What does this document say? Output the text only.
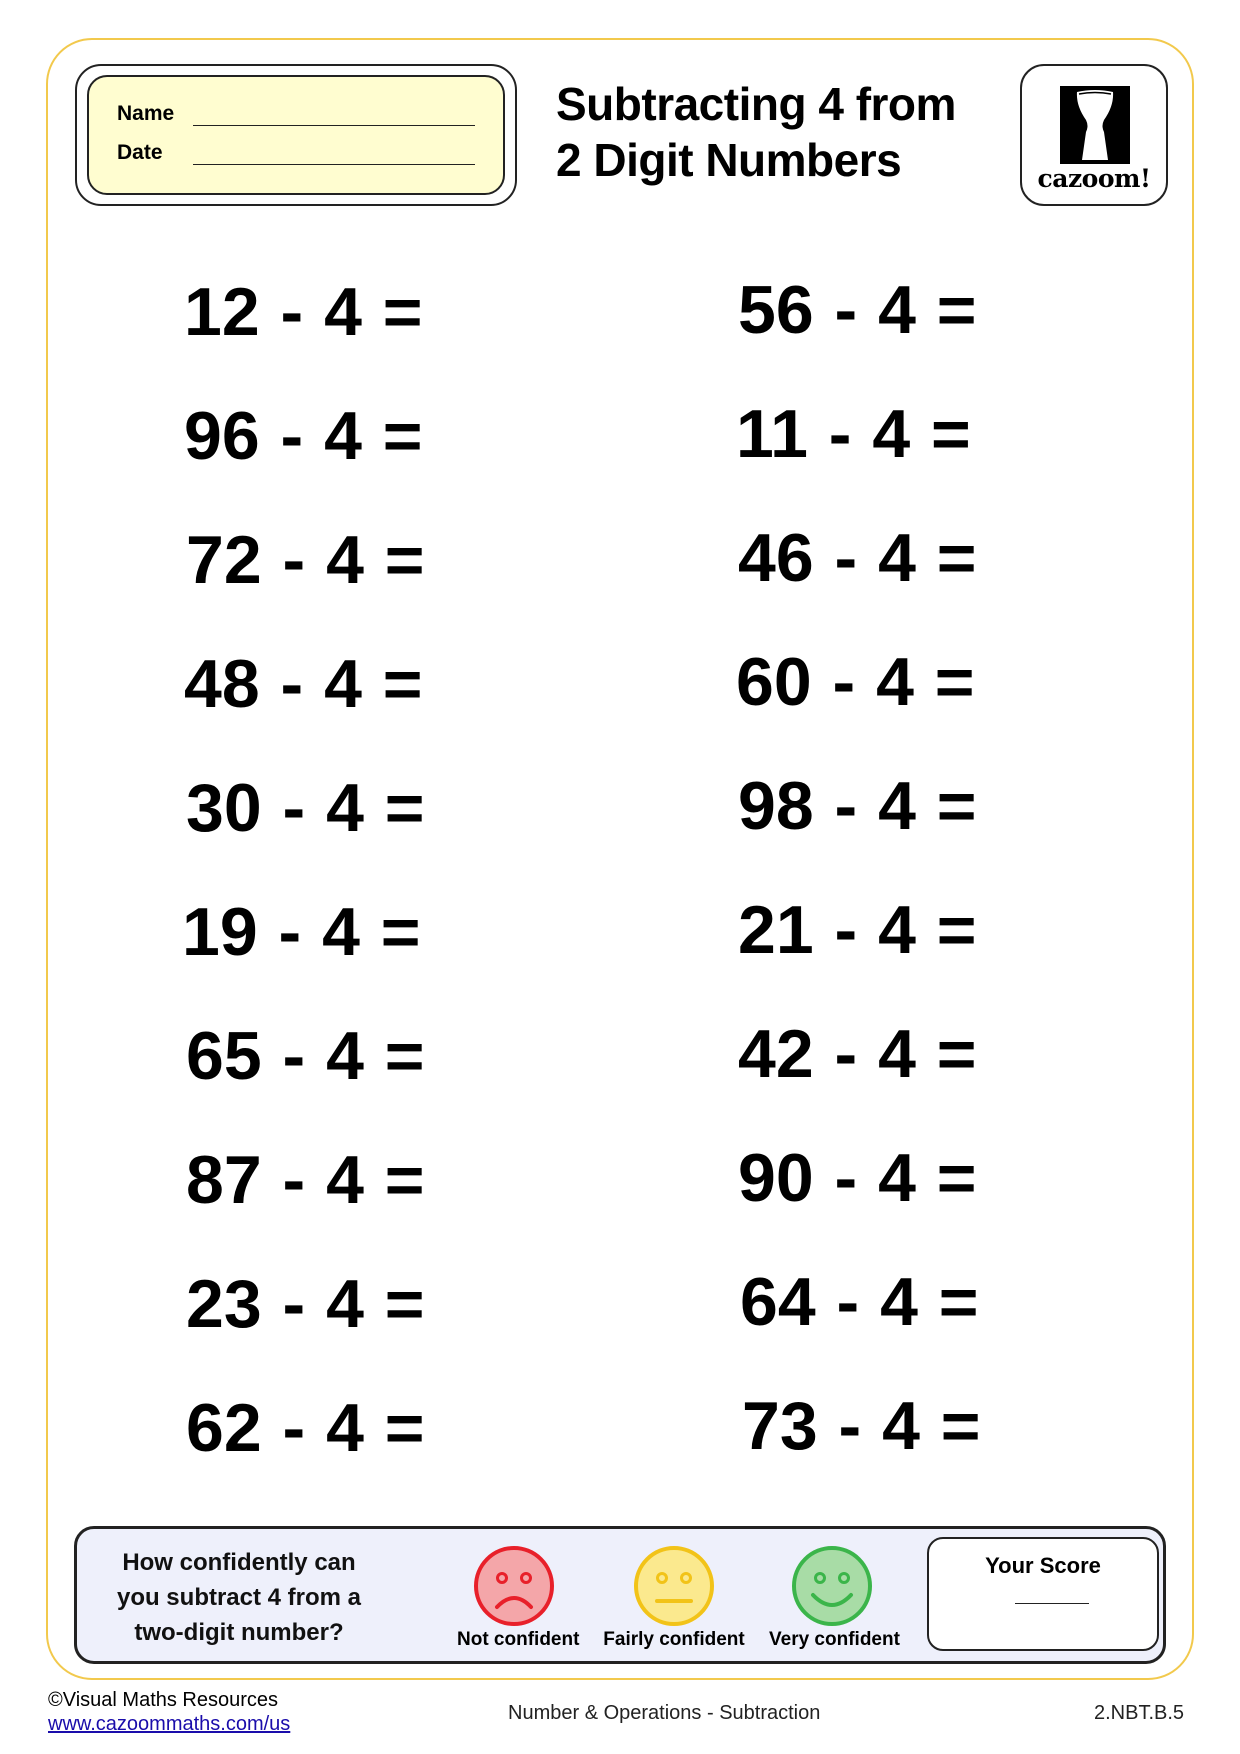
Name
Date
Subtracting 4 from
2 Digit Numbers	cazoom!
12 - 4 =
96 - 4 =
72 - 4 =
48 - 4 =
30 - 4 =
19 - 4 =
65 - 4 =
87 - 4 =
23 - 4 =
62 - 4 =
56 - 4 =
11 - 4 =
46 - 4 =
60 - 4 =
98 - 4 =
21 - 4 =
42 - 4 =
90 - 4 =
64 - 4 =
73 - 4 =
How confidently can
you subtract 4 from a
two-digit number?	Not confident Fairly confident Very confident
Your Score
©Visual Maths Resources
www.cazoommaths.com/us	Number & Operations - Subtraction	2.NBT.B.5
